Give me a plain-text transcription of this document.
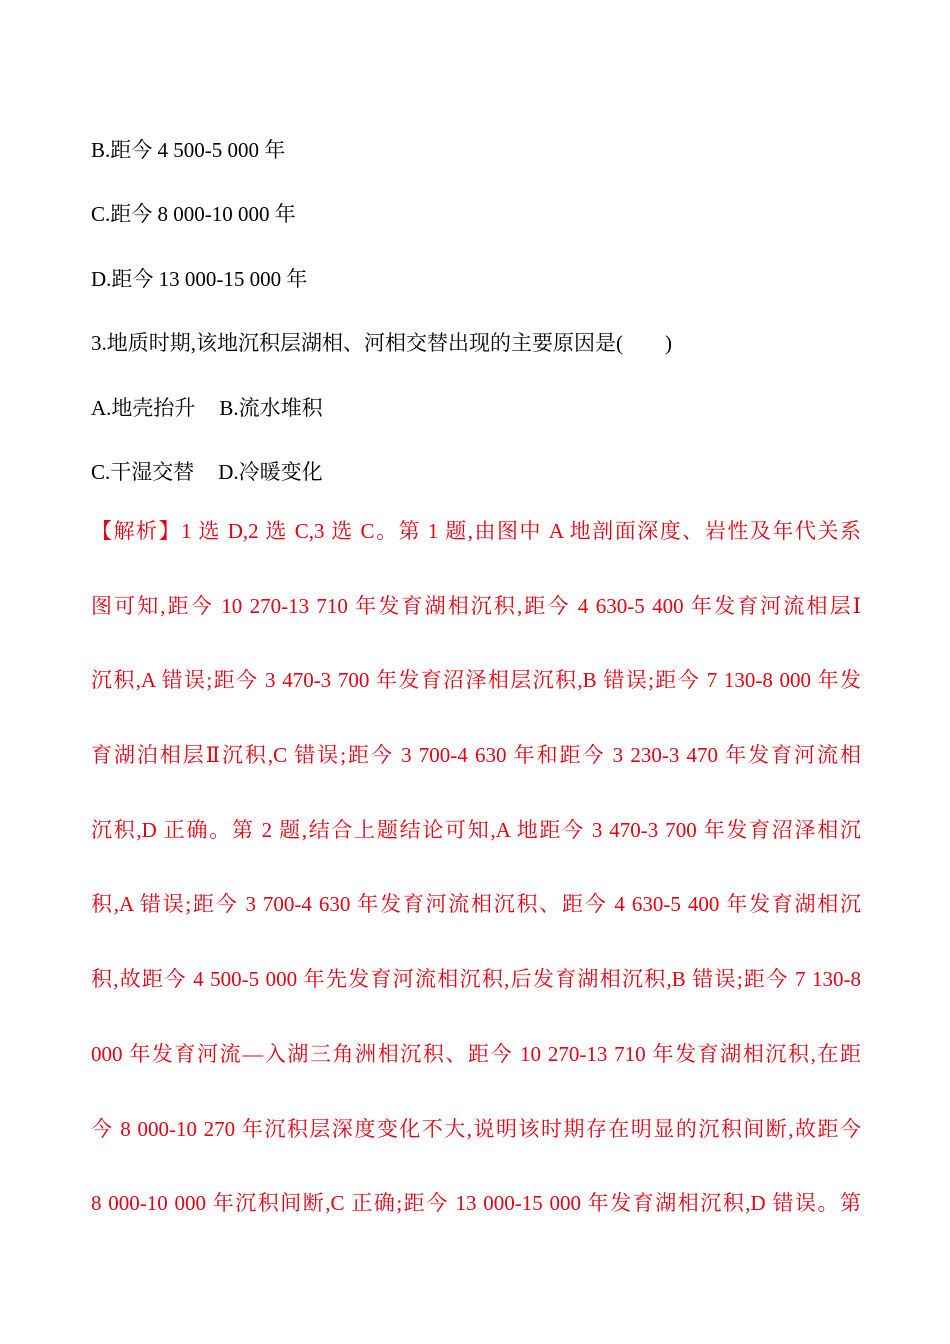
B.距今 4 500-5 000 年
C.距今 8 000-10 000 年
D.距今 13 000-15 000 年
3.地质时期,该地沉积层湖相、河相交替出现的主要原因是(　　)
A.地壳抬升 B.流水堆积
C.干湿交替 D.冷暖变化
【解析】1 选 D,2 选 C,3 选 C。第 1 题,由图中 A 地剖面深度、岩性及年代关系
图可知,距今 10 270-13 710 年发育湖相沉积,距今 4 630-5 400 年发育河流相层Ⅰ
沉积,A 错误;距今 3 470-3 700 年发育沼泽相层沉积,B 错误;距今 7 130-8 000 年发
育湖泊相层Ⅱ沉积,C 错误;距今 3 700-4 630 年和距今 3 230-3 470 年发育河流相
沉积,D 正确。第 2 题,结合上题结论可知,A 地距今 3 470-3 700 年发育沼泽相沉
积,A 错误;距今 3 700-4 630 年发育河流相沉积、距今 4 630-5 400 年发育湖相沉
积,故距今 4 500-5 000 年先发育河流相沉积,后发育湖相沉积,B 错误;距今 7 130-8
000 年发育河流—入湖三角洲相沉积、距今 10 270-13 710 年发育湖相沉积,在距
今 8 000-10 270 年沉积层深度变化不大,说明该时期存在明显的沉积间断,故距今
8 000-10 000 年沉积间断,C 正确;距今 13 000-15 000 年发育湖相沉积,D 错误。第
